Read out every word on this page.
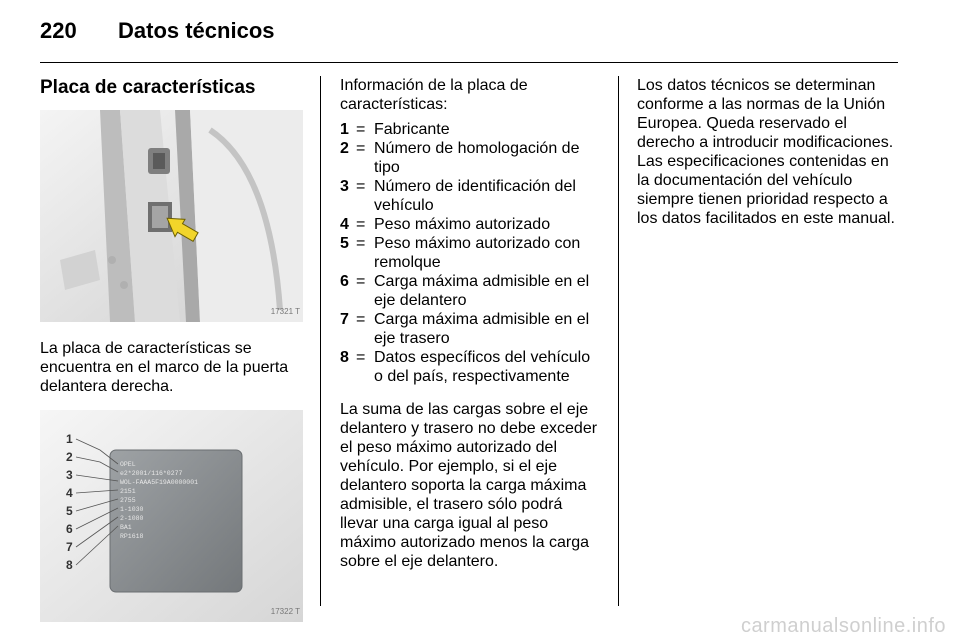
220	Datos técnicos
Placa de características
17321 T

La placa de características se encuentra en el marco de la puerta delantera derecha.

1
2
3
4
5
6
7
8
OPEL
e2*2001/116*0277
WOL-FAAA5F19A0000001
2151
2755
1-1030
2-1080
BA1
RP1618
17322 T

Información de la placa de características:

1 = Fabricante
2 = Número de homologación de tipo
3 = Número de identificación del vehículo
4 = Peso máximo autorizado
5 = Peso máximo autorizado con remolque
6 = Carga máxima admisible en el eje delantero
7 = Carga máxima admisible en el eje trasero
8 = Datos específicos del vehículo o del país, respectivamente

La suma de las cargas sobre el eje delantero y trasero no debe exceder el peso máximo autorizado del vehículo. Por ejemplo, si el eje delantero soporta la carga máxima admisible, el trasero sólo podrá llevar una carga igual al peso máximo autorizado menos la carga sobre el eje delantero.

Los datos técnicos se determinan conforme a las normas de la Unión Europea. Queda reservado el derecho a introducir modificaciones. Las especificaciones contenidas en la documentación del vehículo siempre tienen prioridad respecto a los datos facilitados en este manual.

carmanualsonline.info
